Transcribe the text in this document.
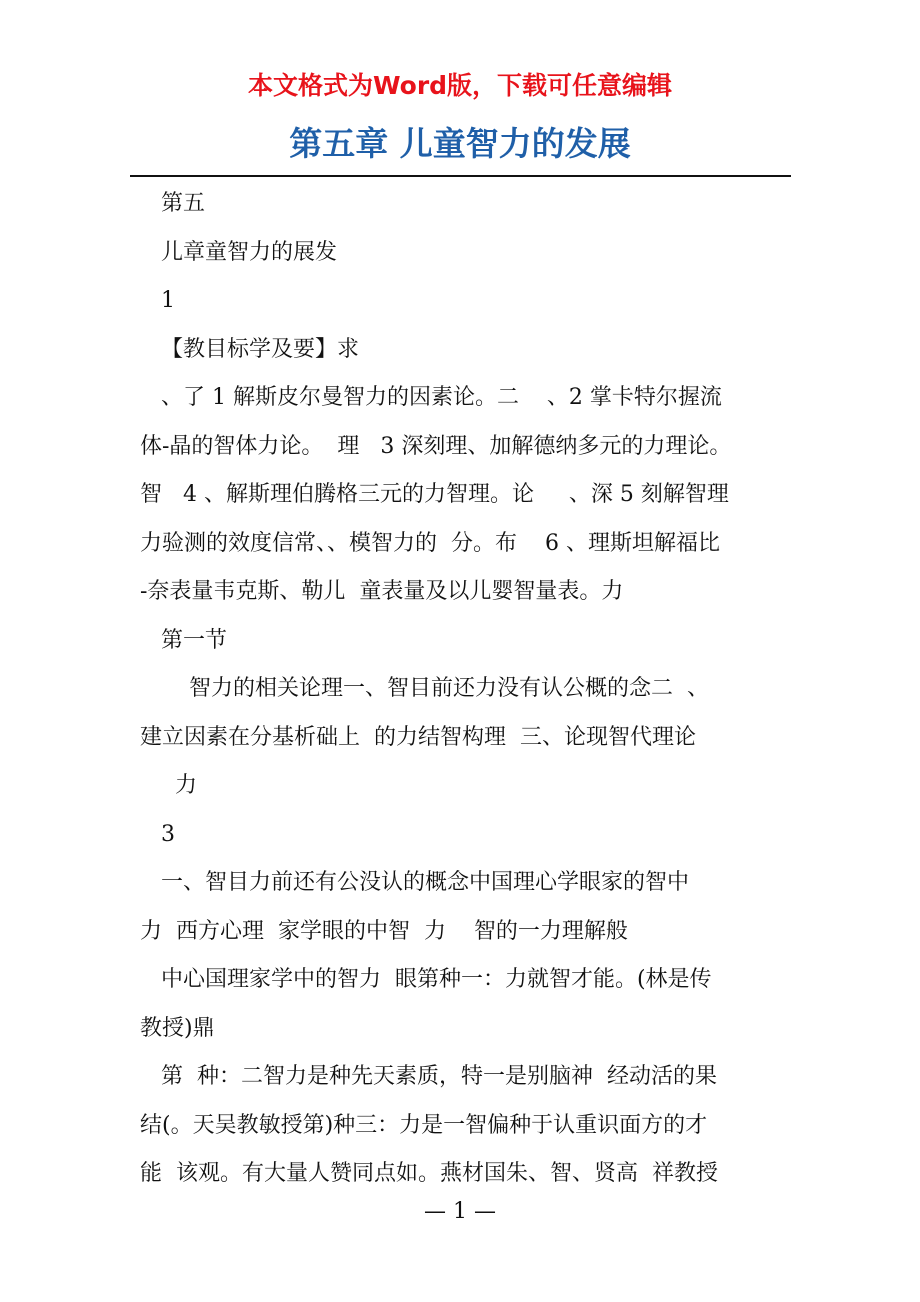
本文格式为Word版，下载可任意编辑
第五章 儿童智力的发展
第五
儿章童智力的展发
1
【教目标学及要】求
、了 1 解斯皮尔曼智力的因素论。二    、2 掌卡特尔握流
体-晶的智体力论。  理   3 深刻理、加解德纳多元的力理论。
智   4 、解斯理伯腾格三元的力智理。论     、深 5 刻解智理
力验测的效度信常、、模智力的  分。布    6 、理斯坦解福比
-奈表量韦克斯、勒儿  童表量及以儿婴智量表。力
第一节
智力的相关论理一、智目前还力没有认公概的念二  、
建立因素在分基析础上  的力结智构理  三、论现智代理论
力
3
一、智目力前还有公没认的概念中国理心学眼家的智中
力  西方心理  家学眼的中智  力    智的一力理解般
中心国理家学中的智力  眼第种一：力就智才能。(林是传
教授)鼎
第  种：二智力是种先天素质，特一是别脑神  经动活的果
结(。天吴教敏授第)种三：力是一智偏种于认重识面方的才
能  该观。有大量人赞同点如。燕材国朱、智、贤高  祥教授
— 1 —
